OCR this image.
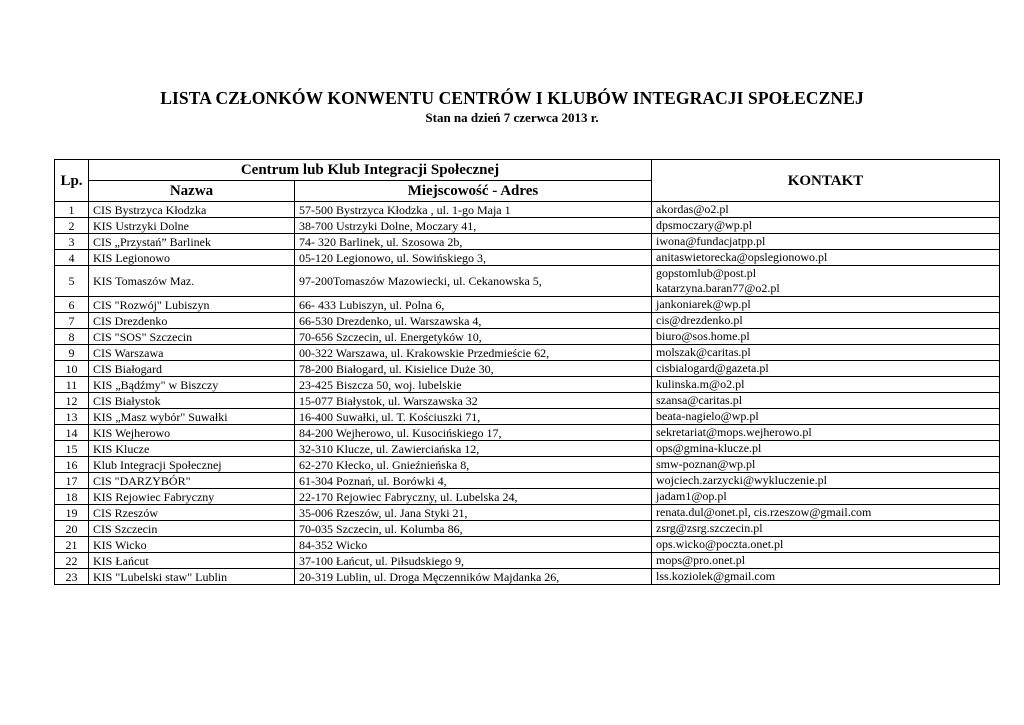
LISTA CZŁONKÓW KONWENTU CENTRÓW I KLUBÓW INTEGRACJI SPOŁECZNEJ
Stan na dzień 7 czerwca 2013 r.
Lp.	Centrum lub Klub Integracji Społecznej		KONTAKT
	Nazwa	Miejscowość - Adres	
1	CIS Bystrzyca Kłodzka	57-500 Bystrzyca Kłodzka , ul. 1-go Maja 1	akordas@o2.pl

2	KIS Ustrzyki Dolne	38-700 Ustrzyki Dolne, Moczary 41,	dpsmoczary@wp.pl

3	CIS „Przystań” Barlinek	74- 320 Barlinek, ul. Szosowa 2b,	iwona@fundacjatpp.pl

4	KIS Legionowo	05-120 Legionowo, ul. Sowińskiego 3,	anitaswietorecka@opslegionowo.pl

5	KIS Tomaszów Maz.	97-200Tomaszów Mazowiecki, ul. Cekanowska 5,	gopstomlub@post.pl
katarzyna.baran77@o2.pl

6	CIS "Rozwój" Lubiszyn	66- 433 Lubiszyn, ul. Polna 6,	jankoniarek@wp.pl

7	CIS Drezdenko	66-530 Drezdenko, ul. Warszawska 4,	cis@drezdenko.pl

8	CIS "SOS" Szczecin	70-656 Szczecin, ul. Energetyków 10,	biuro@sos.home.pl

9	CIS Warszawa	00-322 Warszawa, ul. Krakowskie Przedmieście 62,	molszak@caritas.pl

10	CIS Białogard	78-200 Białogard, ul. Kisielice Duże 30,	cisbialogard@gazeta.pl

11	KIS „Bądźmy" w Biszczy	23-425 Biszcza 50, woj. lubelskie	kulinska.m@o2.pl

12	CIS Białystok	15-077 Białystok, ul. Warszawska 32	szansa@caritas.pl

13	KIS „Masz wybór" Suwałki	16-400 Suwałki, ul. T. Kościuszki 71,	beata-nagielo@wp.pl

14	KIS Wejherowo	84-200 Wejherowo, ul. Kusocińskiego 17,	sekretariat@mops.wejherowo.pl

15	KIS Klucze	32-310 Klucze, ul. Zawierciańska 12,	ops@gmina-klucze.pl

16	Klub Integracji Społecznej	62-270 Kłecko, ul. Gnieźnieńska 8,	smw-poznan@wp.pl

17	CIS "DARZYBÓR"	61-304 Poznań, ul. Borówki 4,	wojciech.zarzycki@wykluczenie.pl

18	KIS Rejowiec Fabryczny	22-170 Rejowiec Fabryczny, ul. Lubelska 24,	jadam1@op.pl

19	CIS Rzeszów	35-006 Rzeszów, ul. Jana Styki 21,	renata.dul@onet.pl, cis.rzeszow@gmail.com

20	CIS Szczecin	70-035 Szczecin, ul. Kolumba 86,	zsrg@zsrg.szczecin.pl

21	KIS Wicko	84-352 Wicko	ops.wicko@poczta.onet.pl

22	KIS Łańcut	37-100 Łańcut, ul. Piłsudskiego 9,	mops@pro.onet.pl

23	KIS "Lubelski staw" Lublin	20-319 Lublin, ul. Droga Męczenników Majdanka 26,	lss.koziolek@gmail.com
